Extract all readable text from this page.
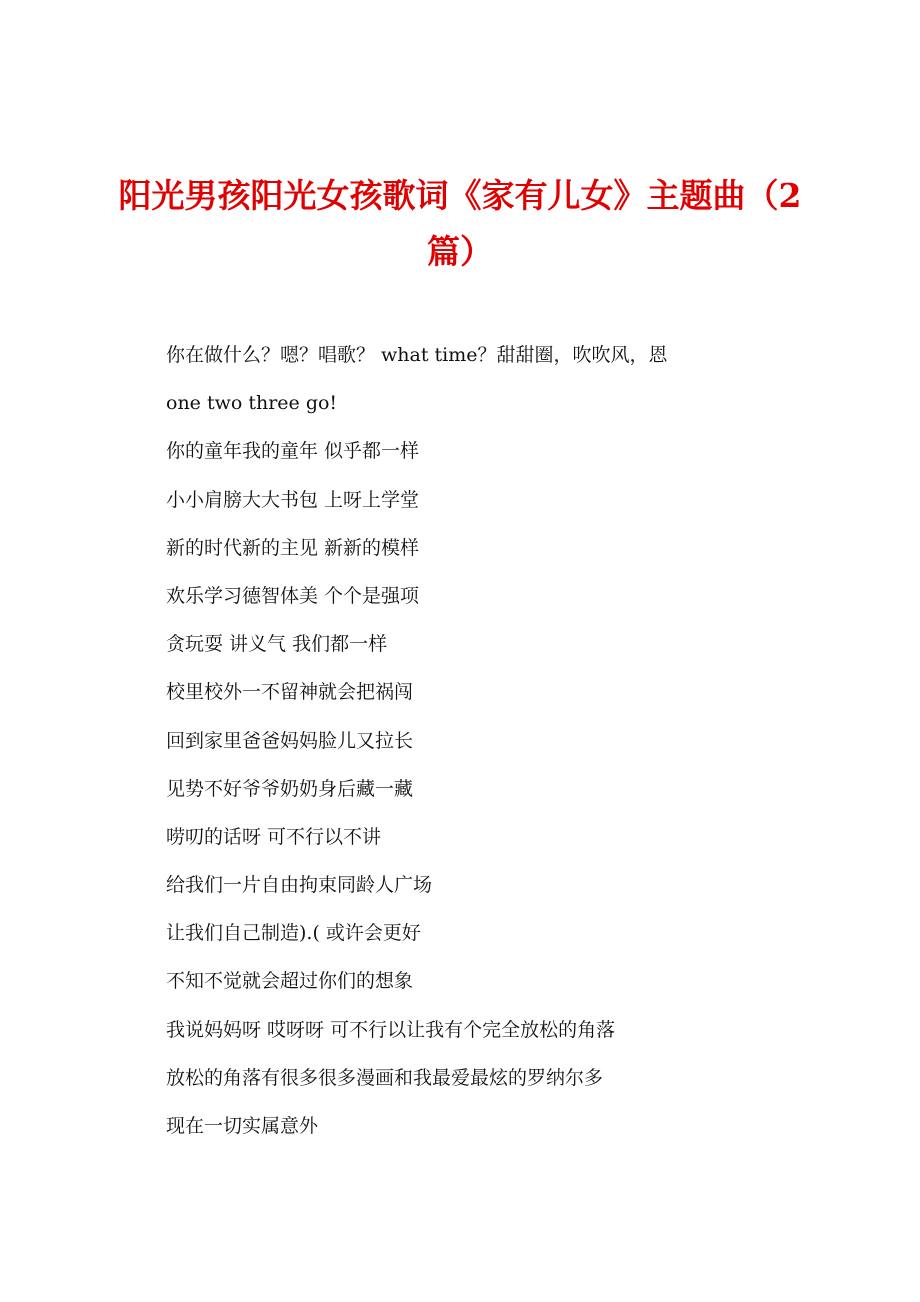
阳光男孩阳光女孩歌词《家有儿女》主题曲（2篇）
你在做什么？嗯？唱歌？ what time？甜甜圈，吹吹风，恩
one two three go!
你的童年我的童年 似乎都一样
小小肩膀大大书包 上呀上学堂
新的时代新的主见 新新的模样
欢乐学习德智体美 个个是强项
贪玩耍 讲义气 我们都一样
校里校外一不留神就会把祸闯
回到家里爸爸妈妈脸儿又拉长
见势不好爷爷奶奶身后藏一藏
唠叨的话呀 可不行以不讲
给我们一片自由拘束同龄人广场
让我们自己制造).( 或许会更好
不知不觉就会超过你们的想象
我说妈妈呀 哎呀呀 可不行以让我有个完全放松的角落
放松的角落有很多很多漫画和我最爱最炫的罗纳尔多
现在一切实属意外
